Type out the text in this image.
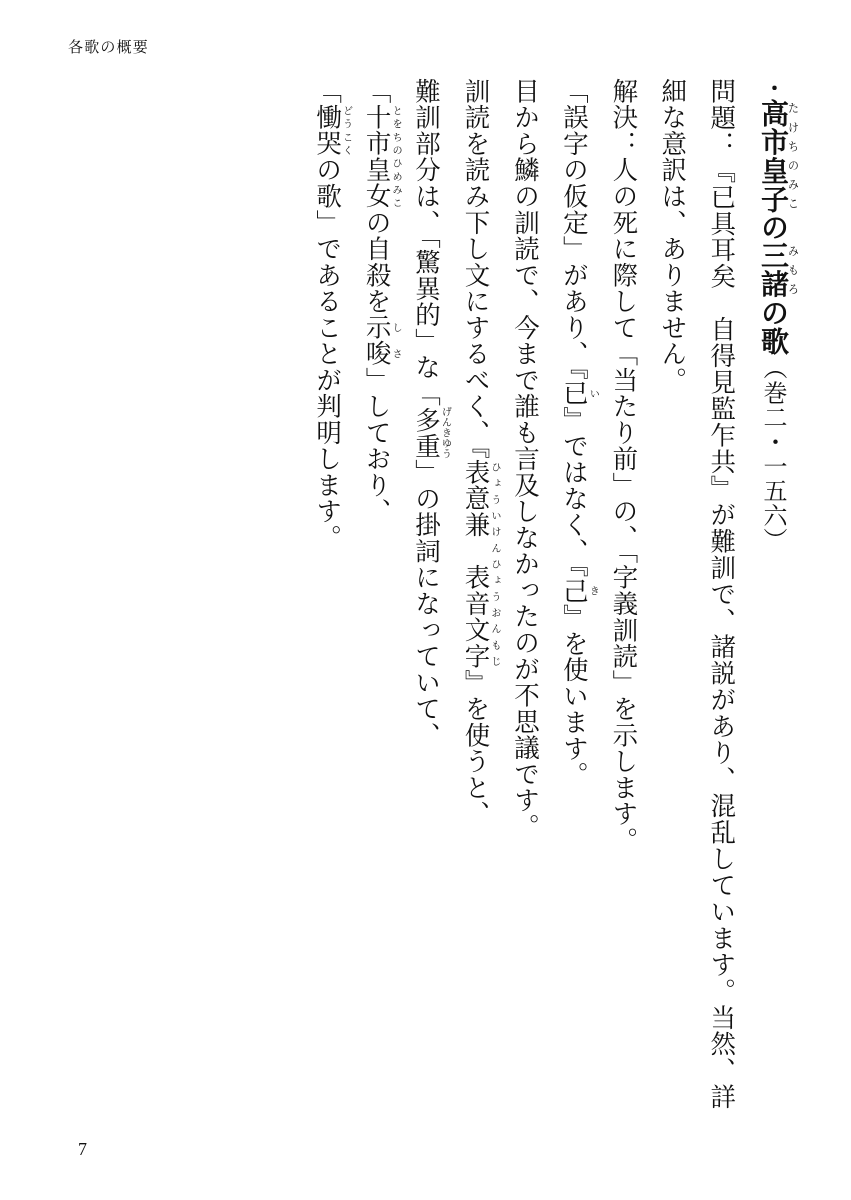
各歌の概要

・高市皇子たけちのみこの三諸みもろの歌（巻二・一五六）

問題：『已具耳矣　自得見監乍共』が難訓で、諸説があり、混乱しています。当然、詳細な意訳は、ありません。

解決：人の死に際して「当たり前」の、「字義訓読」を示します。

「誤字の仮定」があり、『已い』ではなく、『己き』を使います。

目から鱗の訓読で、今まで誰も言及しなかったのが不思議です。

訓読を読み下し文にするべく、『表意兼　表音文字ひょういけんひょうおんもじ』を使うと、

難訓部分は、「驚異的」な「多重げんきゆう」の掛詞になっていて、

「十市皇女とをちのひめみこの自殺を示唆しさ」しており、

「慟哭どうこくの歌」であることが判明します。

7
